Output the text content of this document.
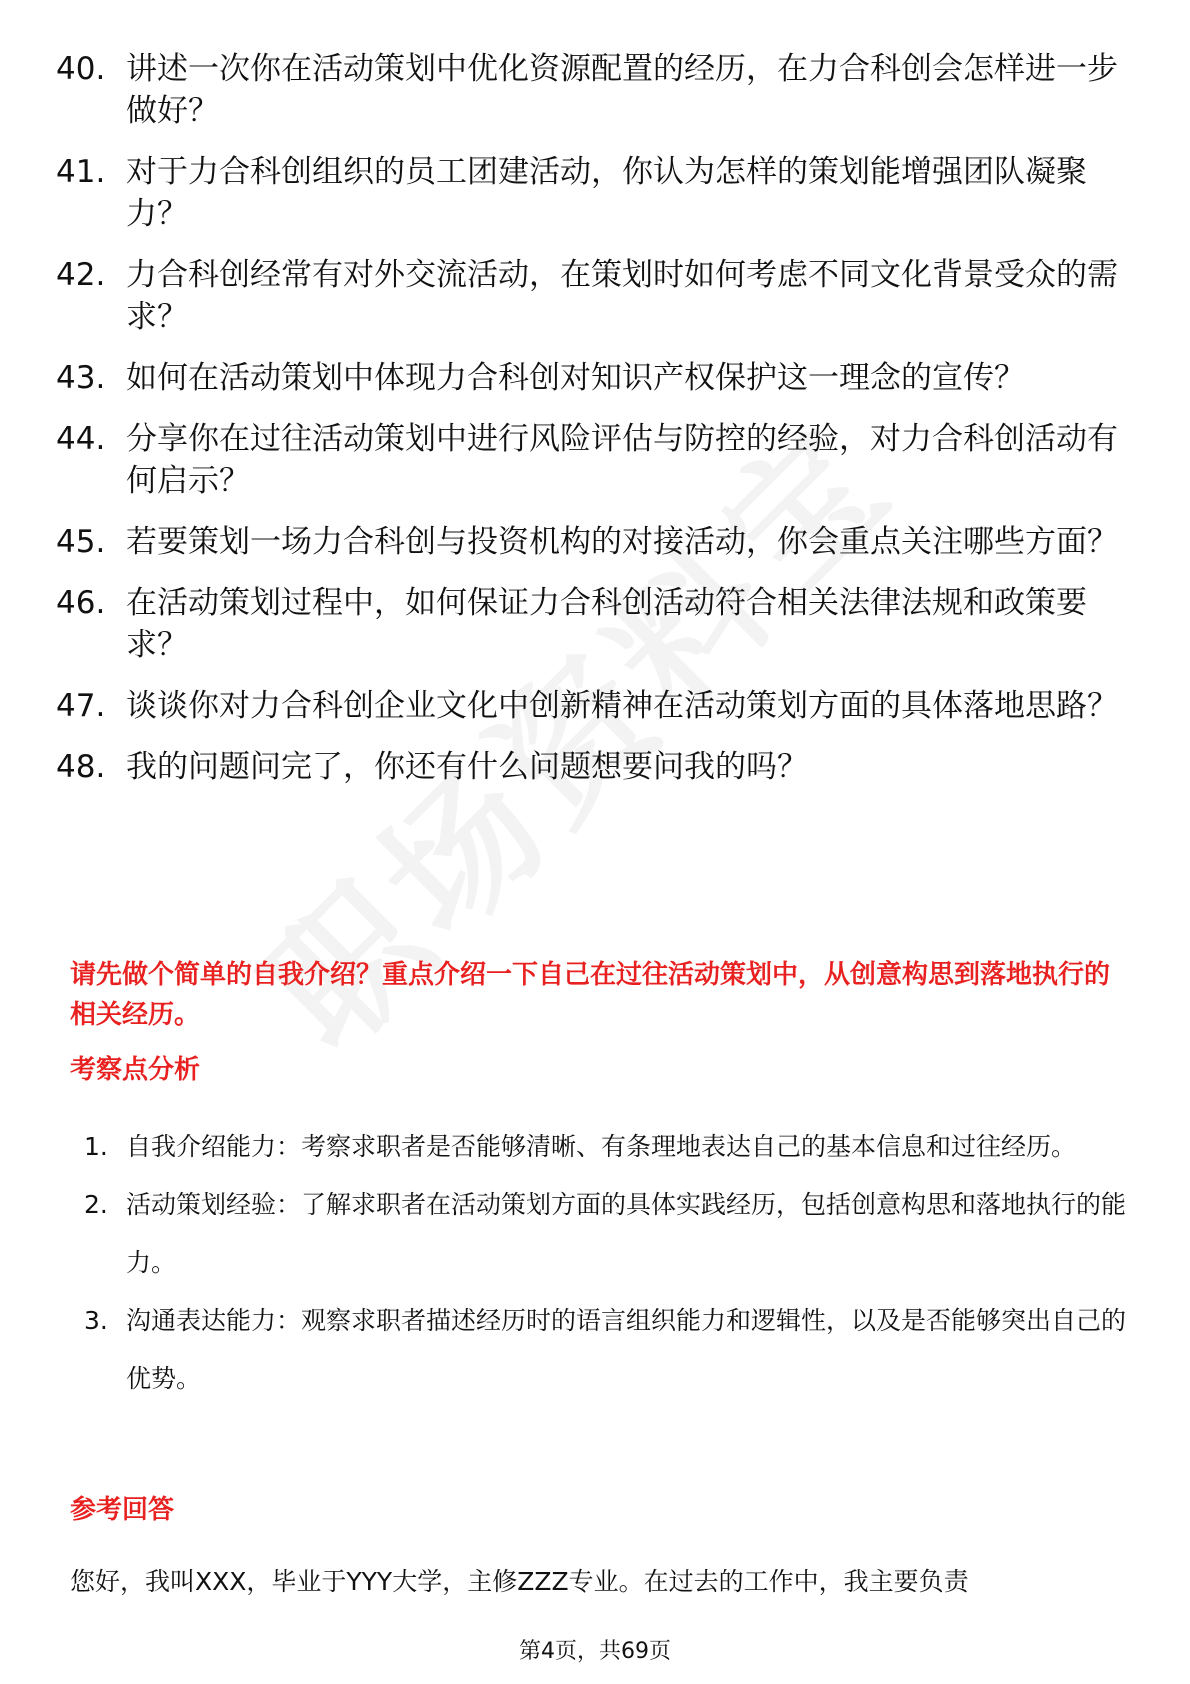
40. 讲述一次你在活动策划中优化资源配置的经历，在力合科创会怎样进一步做好？
41. 对于力合科创组织的员工团建活动，你认为怎样的策划能增强团队凝聚力？
42. 力合科创经常有对外交流活动，在策划时如何考虑不同文化背景受众的需求？
43. 如何在活动策划中体现力合科创对知识产权保护这一理念的宣传？
44. 分享你在过往活动策划中进行风险评估与防控的经验，对力合科创活动有何启示？
45. 若要策划一场力合科创与投资机构的对接活动，你会重点关注哪些方面？
46. 在活动策划过程中，如何保证力合科创活动符合相关法律法规和政策要求？
47. 谈谈你对力合科创企业文化中创新精神在活动策划方面的具体落地思路？
48. 我的问题问完了，你还有什么问题想要问我的吗？

请先做个简单的自我介绍？重点介绍一下自己在过往活动策划中，从创意构思到落地执行的相关经历。

考察点分析
1. 自我介绍能力：考察求职者是否能够清晰、有条理地表达自己的基本信息和过往经历。
2. 活动策划经验：了解求职者在活动策划方面的具体实践经历，包括创意构思和落地执行的能力。
3. 沟通表达能力：观察求职者描述经历时的语言组织能力和逻辑性，以及是否能够突出自己的优势。
参考回答

您好，我叫XXX，毕业于YYY大学，主修ZZZ专业。在过去的工作中，我主要负责

第4页，共69页
